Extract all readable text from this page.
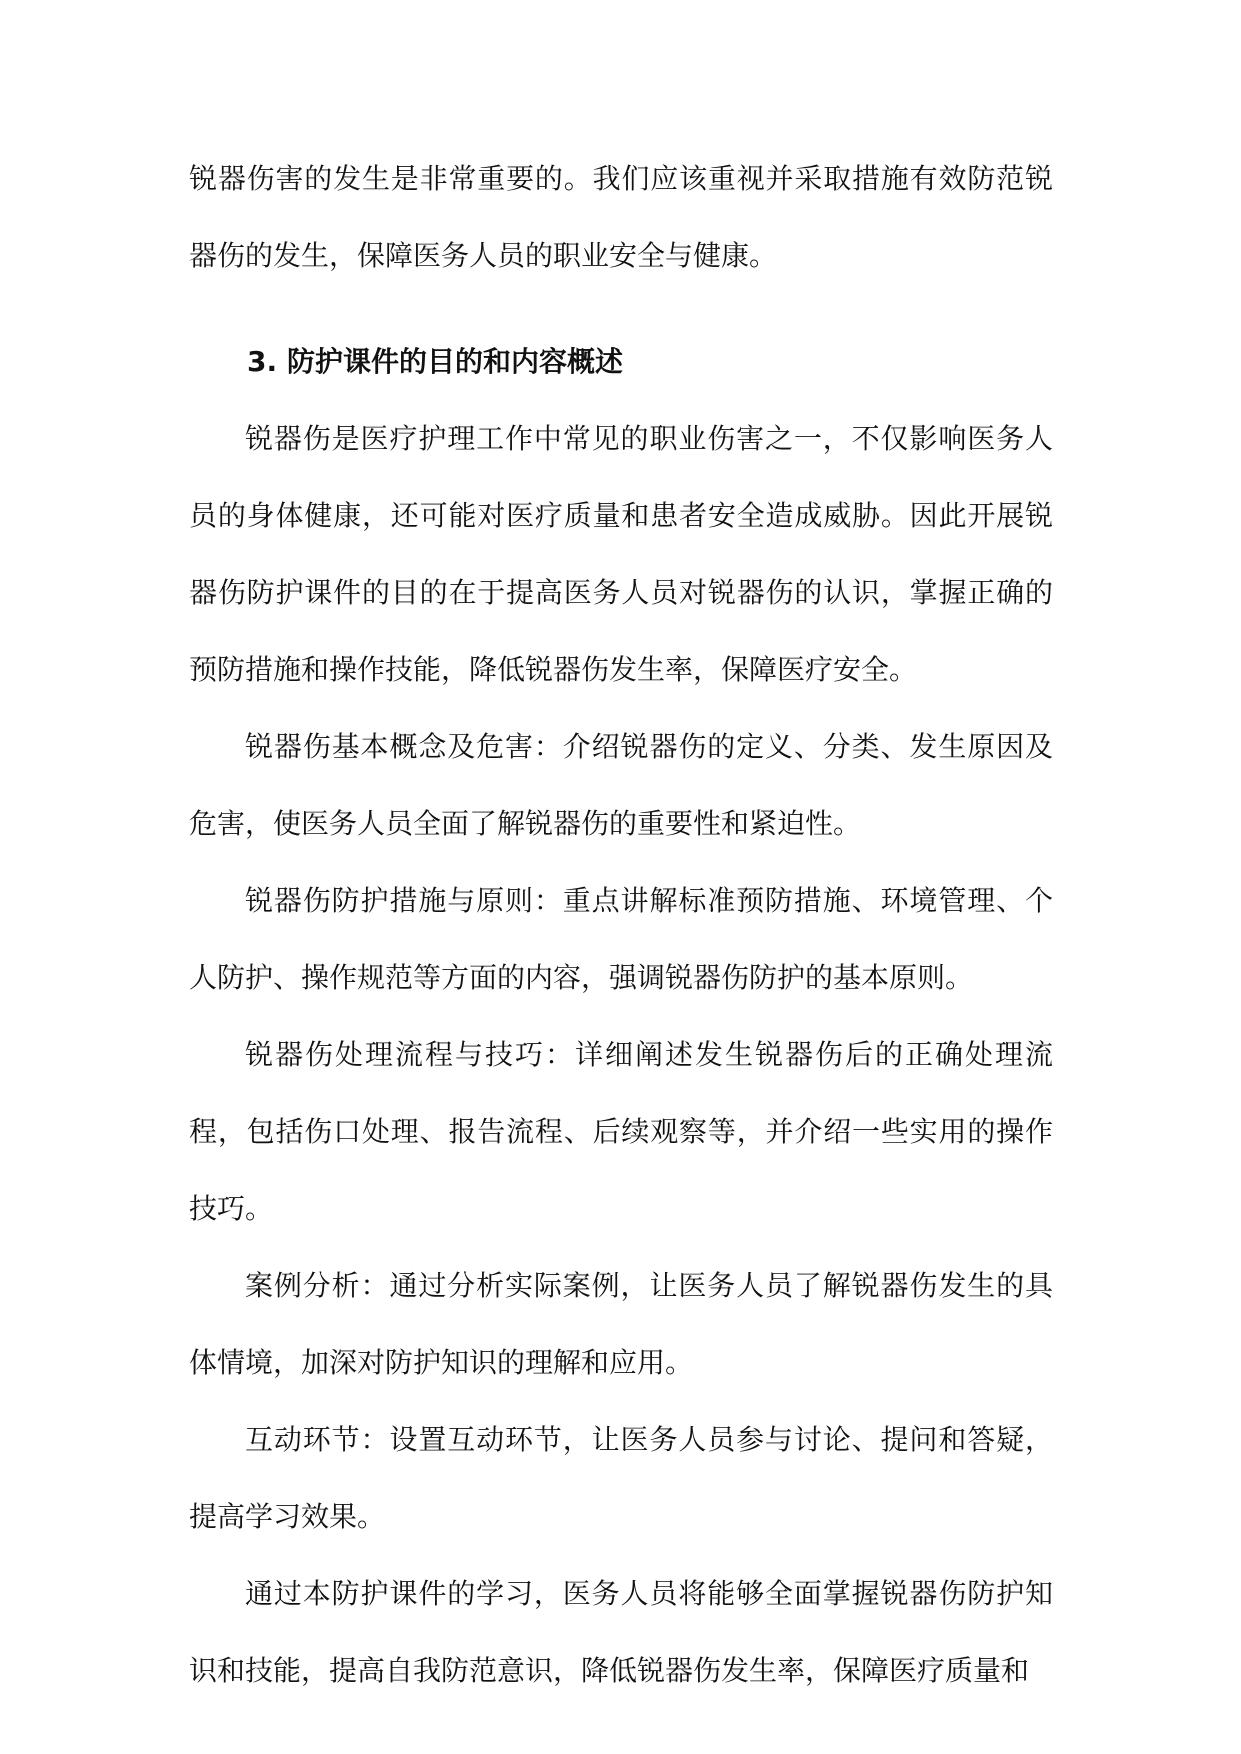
锐器伤害的发生是非常重要的。我们应该重视并采取措施有效防范锐器伤的发生，保障医务人员的职业安全与健康。

3. 防护课件的目的和内容概述

锐器伤是医疗护理工作中常见的职业伤害之一，不仅影响医务人员的身体健康，还可能对医疗质量和患者安全造成威胁。因此开展锐器伤防护课件的目的在于提高医务人员对锐器伤的认识，掌握正确的预防措施和操作技能，降低锐器伤发生率，保障医疗安全。

锐器伤基本概念及危害：介绍锐器伤的定义、分类、发生原因及危害，使医务人员全面了解锐器伤的重要性和紧迫性。

锐器伤防护措施与原则：重点讲解标准预防措施、环境管理、个人防护、操作规范等方面的内容，强调锐器伤防护的基本原则。

锐器伤处理流程与技巧：详细阐述发生锐器伤后的正确处理流程，包括伤口处理、报告流程、后续观察等，并介绍一些实用的操作技巧。

案例分析：通过分析实际案例，让医务人员了解锐器伤发生的具体情境，加深对防护知识的理解和应用。

互动环节：设置互动环节，让医务人员参与讨论、提问和答疑，提高学习效果。

通过本防护课件的学习，医务人员将能够全面掌握锐器伤防护知识和技能，提高自我防范意识，降低锐器伤发生率，保障医疗质量和
